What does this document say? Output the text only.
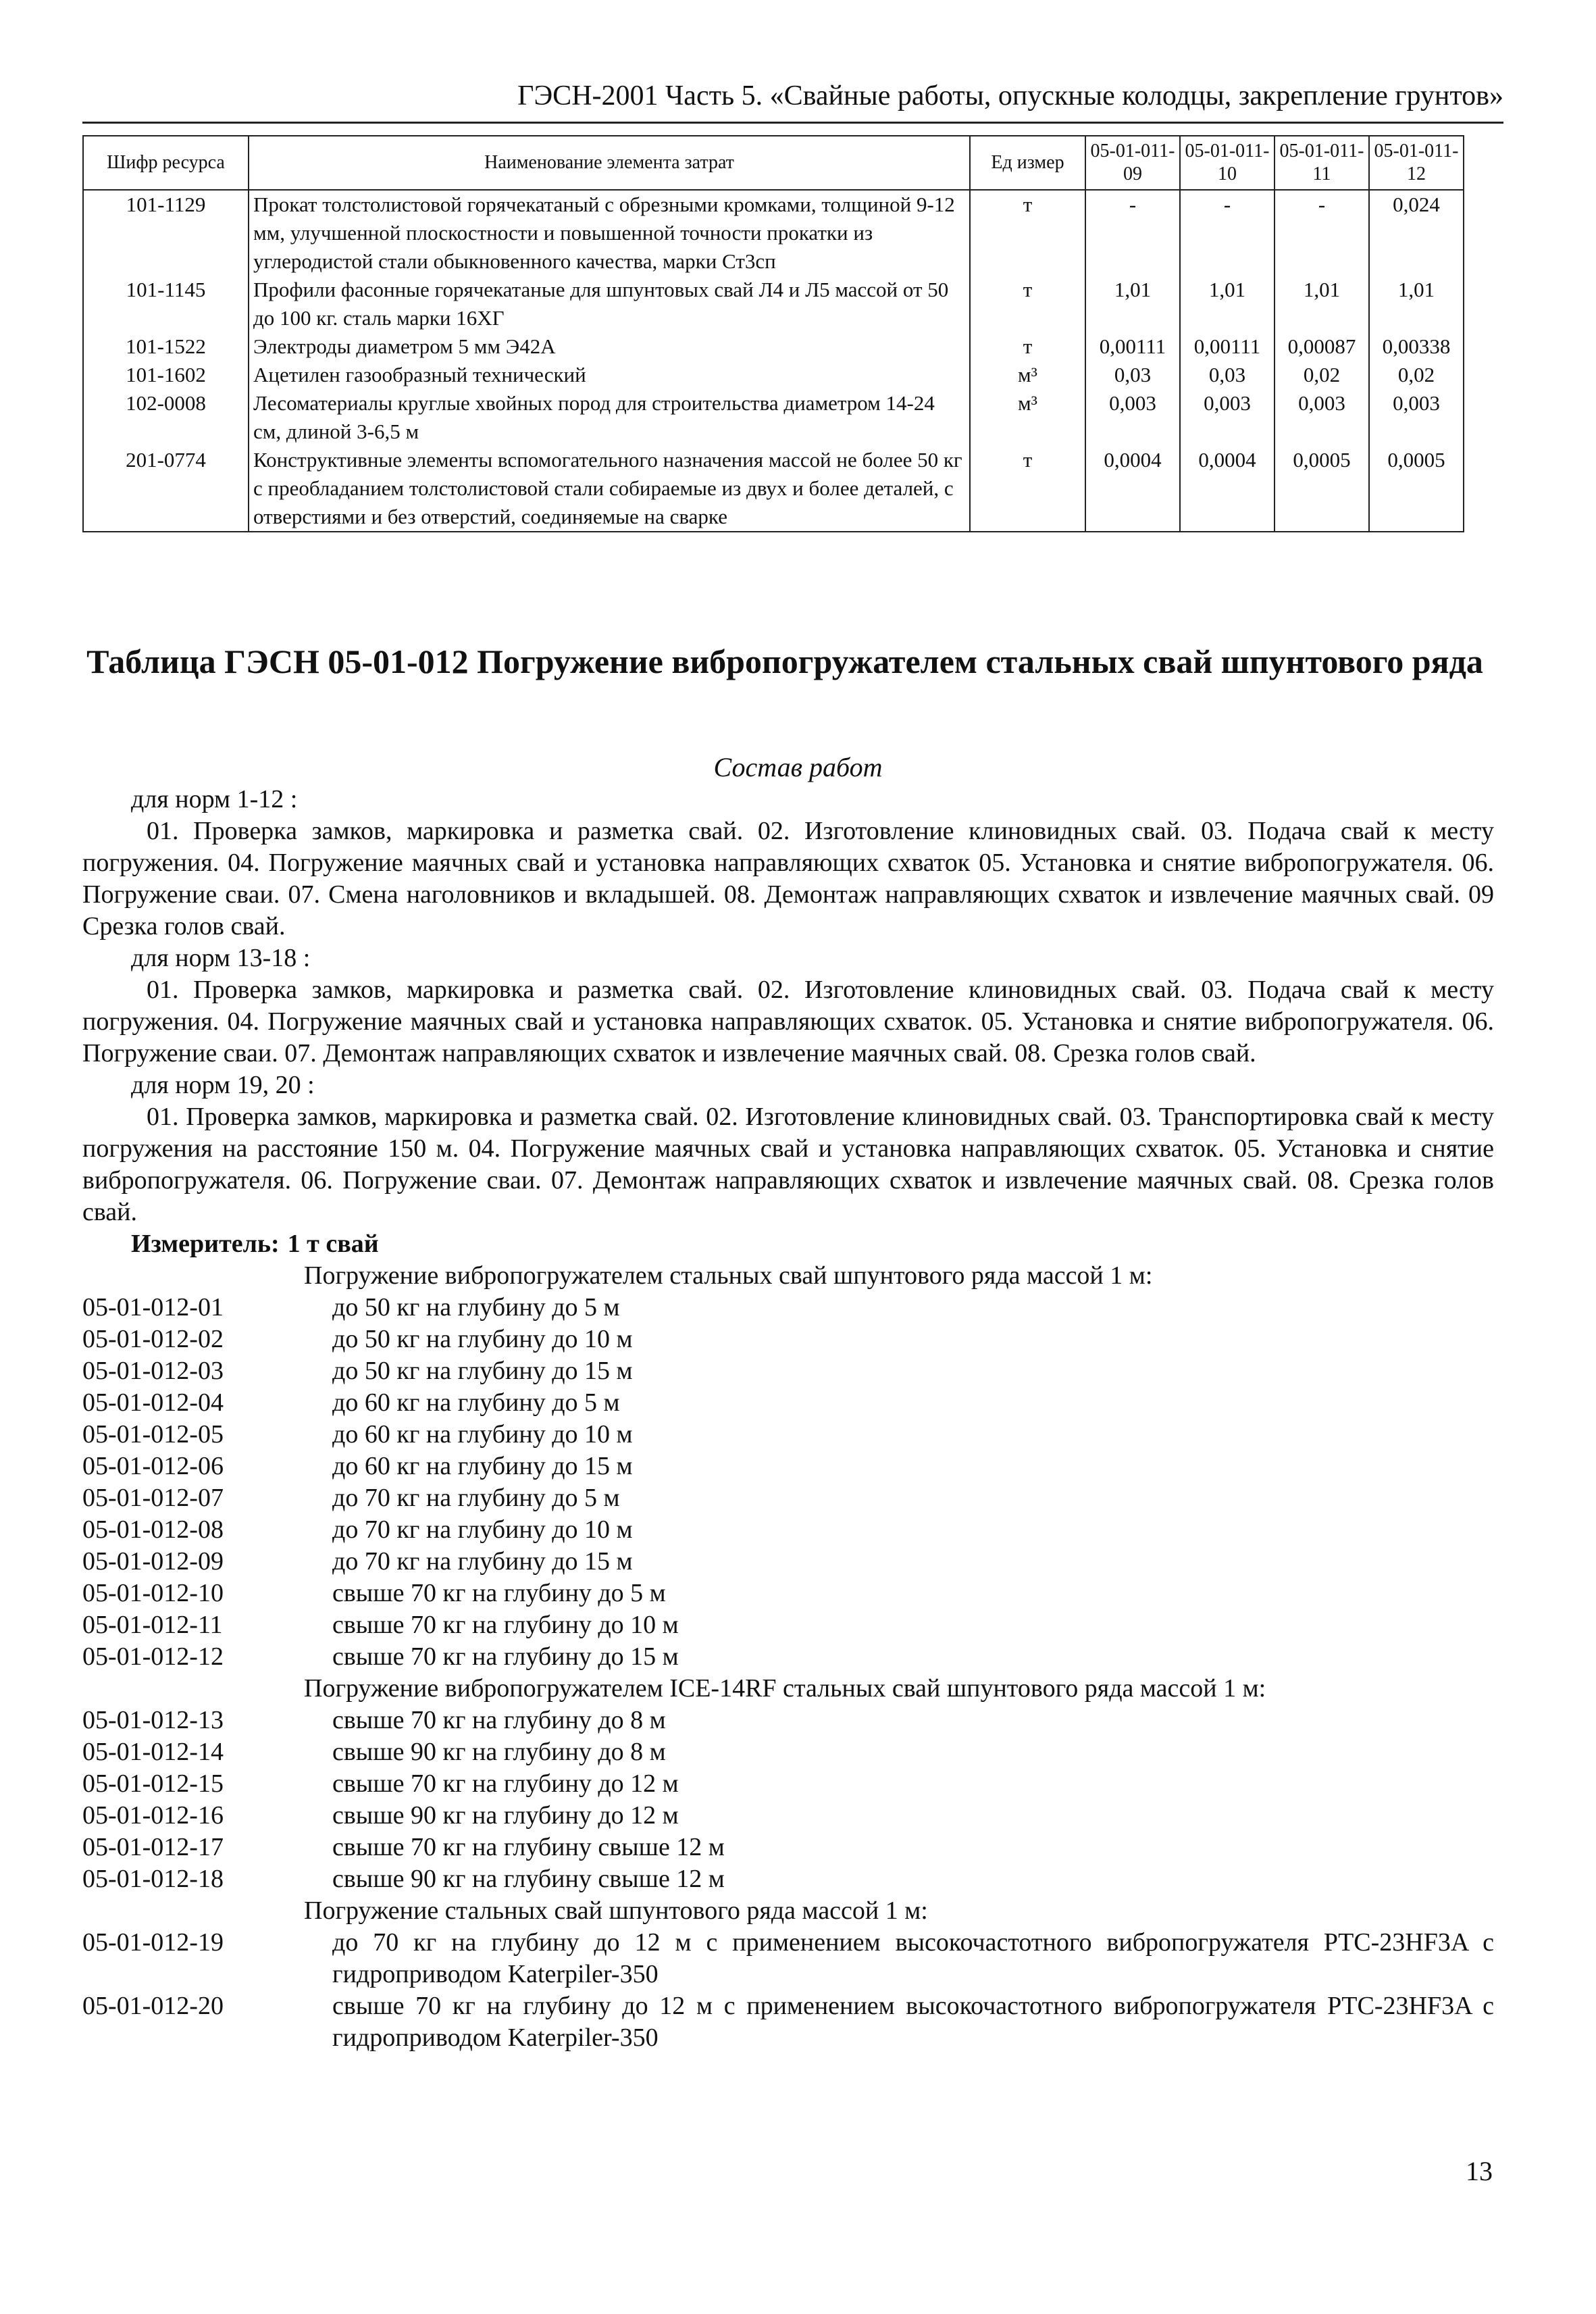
ГЭСН-2001 Часть 5. «Свайные работы, опускные колодцы, закрепление грунтов»
Шифр ресурса	Наименование элемента затрат	Ед измер	05-01-011-09	05-01-011-10	05-01-011-11	05-01-011-12
101-1129	Прокат толстолистовой горячекатаный с обрезными кромками, толщиной 9-12 мм, улучшенной плоскостности и повышенной точности прокатки из углеродистой стали обыкновенного качества, марки Ст3сп	т	-	-	-	0,024
101-1145	Профили фасонные горячекатаные для шпунтовых свай Л4 и Л5 массой от 50 до 100 кг. сталь марки 16ХГ	т	1,01	1,01	1,01	1,01
101-1522	Электроды диаметром 5 мм Э42А	т	0,00111	0,00111	0,00087	0,00338
101-1602	Ацетилен газообразный технический	м³	0,03	0,03	0,02	0,02
102-0008	Лесоматериалы круглые хвойных пород для строительства диаметром 14-24 см, длиной 3-6,5 м	м³	0,003	0,003	0,003	0,003
201-0774	Конструктивные элементы вспомогательного назначения массой не более 50 кг с преобладанием толстолистовой стали собираемые из двух и более деталей, с отверстиями и без отверстий, соединяемые на сварке	т	0,0004	0,0004	0,0005	0,0005
Таблица ГЭСН 05-01-012 Погружение вибропогружателем стальных свай шпунтового ряда
Состав работ
для норм 1-12 :
01. Проверка замков, маркировка и разметка свай. 02. Изготовление клиновидных свай. 03. Подача свай к месту погружения. 04. Погружение маячных свай и установка направляющих схваток 05. Установка и снятие вибропогружателя. 06. Погружение сваи. 07. Смена наголовников и вкладышей. 08. Демонтаж направляющих схваток и извлечение маячных свай. 09 Срезка голов свай.
для норм 13-18 :
01. Проверка замков, маркировка и разметка свай. 02. Изготовление клиновидных свай. 03. Подача свай к месту погружения. 04. Погружение маячных свай и установка направляющих схваток. 05. Установка и снятие вибропогружателя. 06. Погружение сваи. 07. Демонтаж направляющих схваток и извлечение маячных свай. 08. Срезка голов свай.
для норм 19, 20 :
01. Проверка замков, маркировка и разметка свай. 02. Изготовление клиновидных свай. 03. Транспортировка свай к месту погружения на расстояние 150 м. 04. Погружение маячных свай и установка направляющих схваток. 05. Установка и снятие вибропогружателя. 06. Погружение сваи. 07. Демонтаж направляющих схваток и извлечение маячных свай. 08. Срезка голов свай.
Измеритель: 1 т свай
Погружение вибропогружателем стальных свай шпунтового ряда массой 1 м:
05-01-012-01	до 50 кг на глубину до 5 м
05-01-012-02	до 50 кг на глубину до 10 м
05-01-012-03	до 50 кг на глубину до 15 м
05-01-012-04	до 60 кг на глубину до 5 м
05-01-012-05	до 60 кг на глубину до 10 м
05-01-012-06	до 60 кг на глубину до 15 м
05-01-012-07	до 70 кг на глубину до 5 м
05-01-012-08	до 70 кг на глубину до 10 м
05-01-012-09	до 70 кг на глубину до 15 м
05-01-012-10	свыше 70 кг на глубину до 5 м
05-01-012-11	свыше 70 кг на глубину до 10 м
05-01-012-12	свыше 70 кг на глубину до 15 м
Погружение вибропогружателем ICE-14RF стальных свай шпунтового ряда массой 1 м:
05-01-012-13	свыше 70 кг на глубину до 8 м
05-01-012-14	свыше 90 кг на глубину до 8 м
05-01-012-15	свыше 70 кг на глубину до 12 м
05-01-012-16	свыше 90 кг на глубину до 12 м
05-01-012-17	свыше 70 кг на глубину свыше 12 м
05-01-012-18	свыше 90 кг на глубину свыше 12 м
Погружение стальных свай шпунтового ряда массой 1 м:
05-01-012-19	до 70 кг на глубину до 12 м с применением высокочастотного вибропогружателя PTC-23HF3A с гидроприводом Katerpiler-350
05-01-012-20	свыше 70 кг на глубину до 12 м с применением высокочастотного вибропогружателя PTC-23HF3A с гидроприводом Katerpiler-350
13
